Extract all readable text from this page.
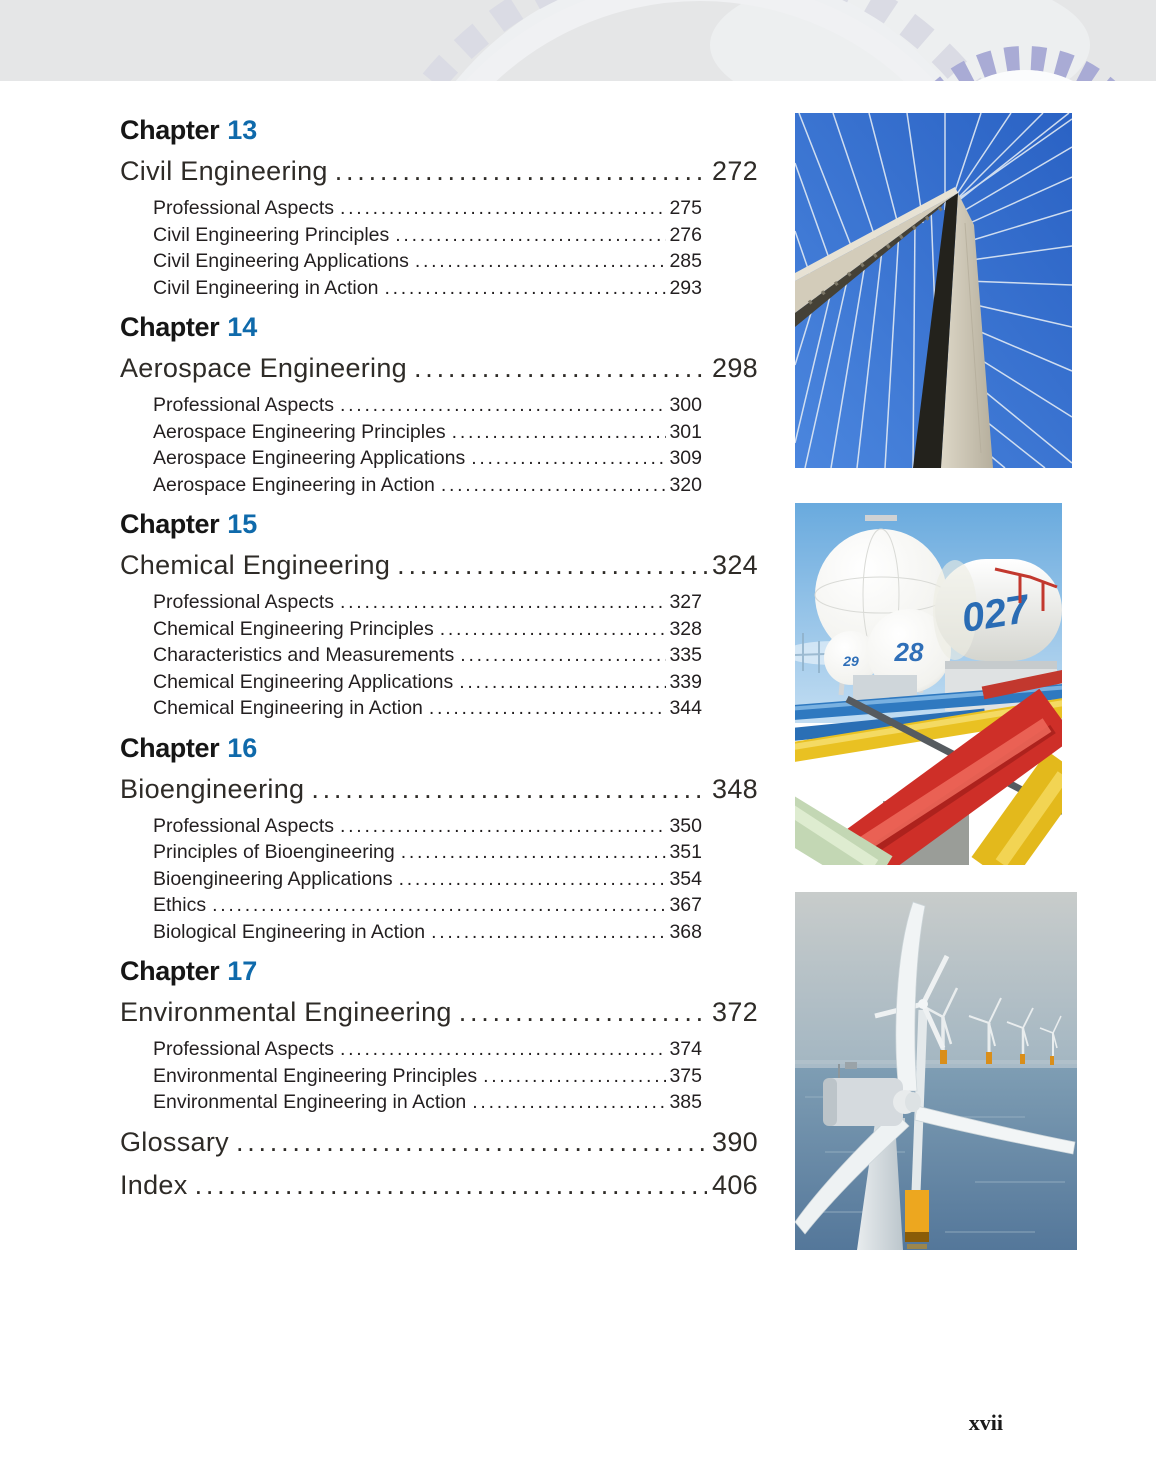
Chapter 13
Civil Engineering .....	272
Professional Aspects .....	275
Civil Engineering Principles .....	276
Civil Engineering Applications .....	285
Civil Engineering in Action .....	293
Chapter 14
Aerospace Engineering .....	298
Professional Aspects .....	300
Aerospace Engineering Principles .....	301
Aerospace Engineering Applications .....	309
Aerospace Engineering in Action .....	320
Chapter 15
Chemical Engineering .....	324
Professional Aspects .....	327
Chemical Engineering Principles .....	328
Characteristics and Measurements .....	335
Chemical Engineering Applications .....	339
Chemical Engineering in Action .....	344
Chapter 16
Bioengineering .....	348
Professional Aspects .....	350
Principles of Bioengineering .....	351
Bioengineering Applications .....	354
Ethics .....	367
Biological Engineering in Action .....	368
Chapter 17
Environmental Engineering .....	372
Professional Aspects .....	374
Environmental Engineering Principles .....	375
Environmental Engineering in Action .....	385
Glossary .....	390
Index .....	406
29 28
027
xvii
